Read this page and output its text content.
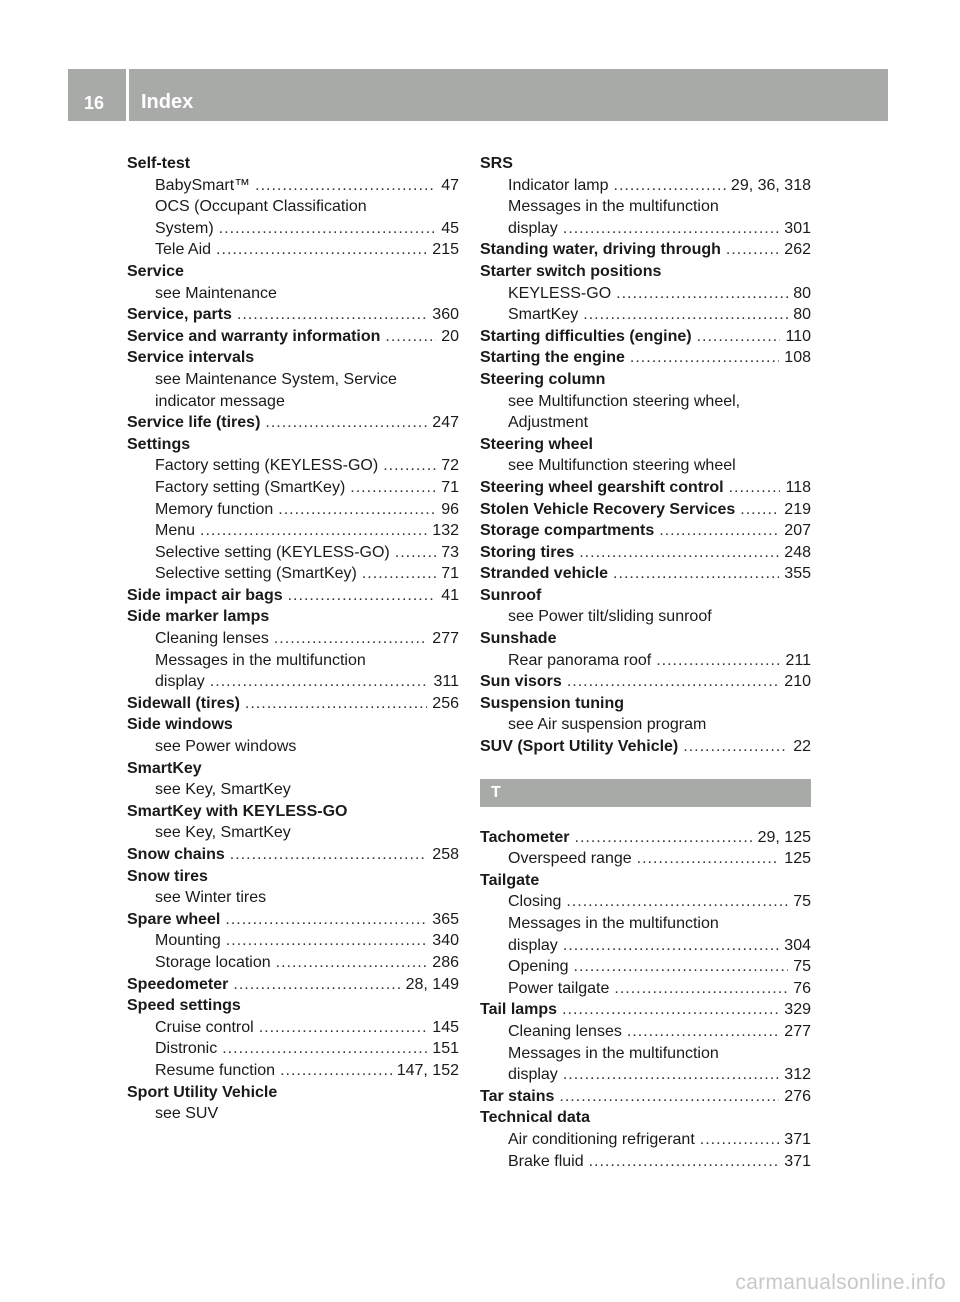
16	Index
Self-test
BabySmart™ .....	47
OCS (Occupant Classification
System) .....	45
Tele Aid .....	215
Service
see Maintenance
Service, parts .....	360
Service and warranty information .....	20
Service intervals
see Maintenance System, Service
indicator message
Service life (tires) .....	247
Settings
Factory setting (KEYLESS-GO) .....	72
Factory setting (SmartKey) .....	71
Memory function .....	96
Menu .....	132
Selective setting (KEYLESS-GO) .....	73
Selective setting (SmartKey) .....	71
Side impact air bags .....	41
Side marker lamps
Cleaning lenses .....	277
Messages in the multifunction
display .....	311
Sidewall (tires) .....	256
Side windows
see Power windows
SmartKey
see Key, SmartKey
SmartKey with KEYLESS-GO
see Key, SmartKey
Snow chains .....	258
Snow tires
see Winter tires
Spare wheel .....	365
Mounting .....	340
Storage location .....	286
Speedometer .....	28, 149
Speed settings
Cruise control .....	145
Distronic .....	151
Resume function .....	147, 152
Sport Utility Vehicle
see SUV
SRS
Indicator lamp .....	29, 36, 318
Messages in the multifunction
display .....	301
Standing water, driving through .....	262
Starter switch positions
KEYLESS-GO .....	80
SmartKey .....	80
Starting difficulties (engine) .....	110
Starting the engine .....	108
Steering column
see Multifunction steering wheel,
Adjustment
Steering wheel
see Multifunction steering wheel
Steering wheel gearshift control .....	118
Stolen Vehicle Recovery Services .....	219
Storage compartments .....	207
Storing tires .....	248
Stranded vehicle .....	355
Sunroof
see Power tilt/sliding sunroof
Sunshade
Rear panorama roof .....	211
Sun visors .....	210
Suspension tuning
see Air suspension program
SUV (Sport Utility Vehicle) .....	22
T
Tachometer .....	29, 125
Overspeed range .....	125
Tailgate
Closing .....	75
Messages in the multifunction
display .....	304
Opening .....	75
Power tailgate .....	76
Tail lamps .....	329
Cleaning lenses .....	277
Messages in the multifunction
display .....	312
Tar stains .....	276
Technical data
Air conditioning refrigerant .....	371
Brake fluid .....	371
carmanualsonline.info
